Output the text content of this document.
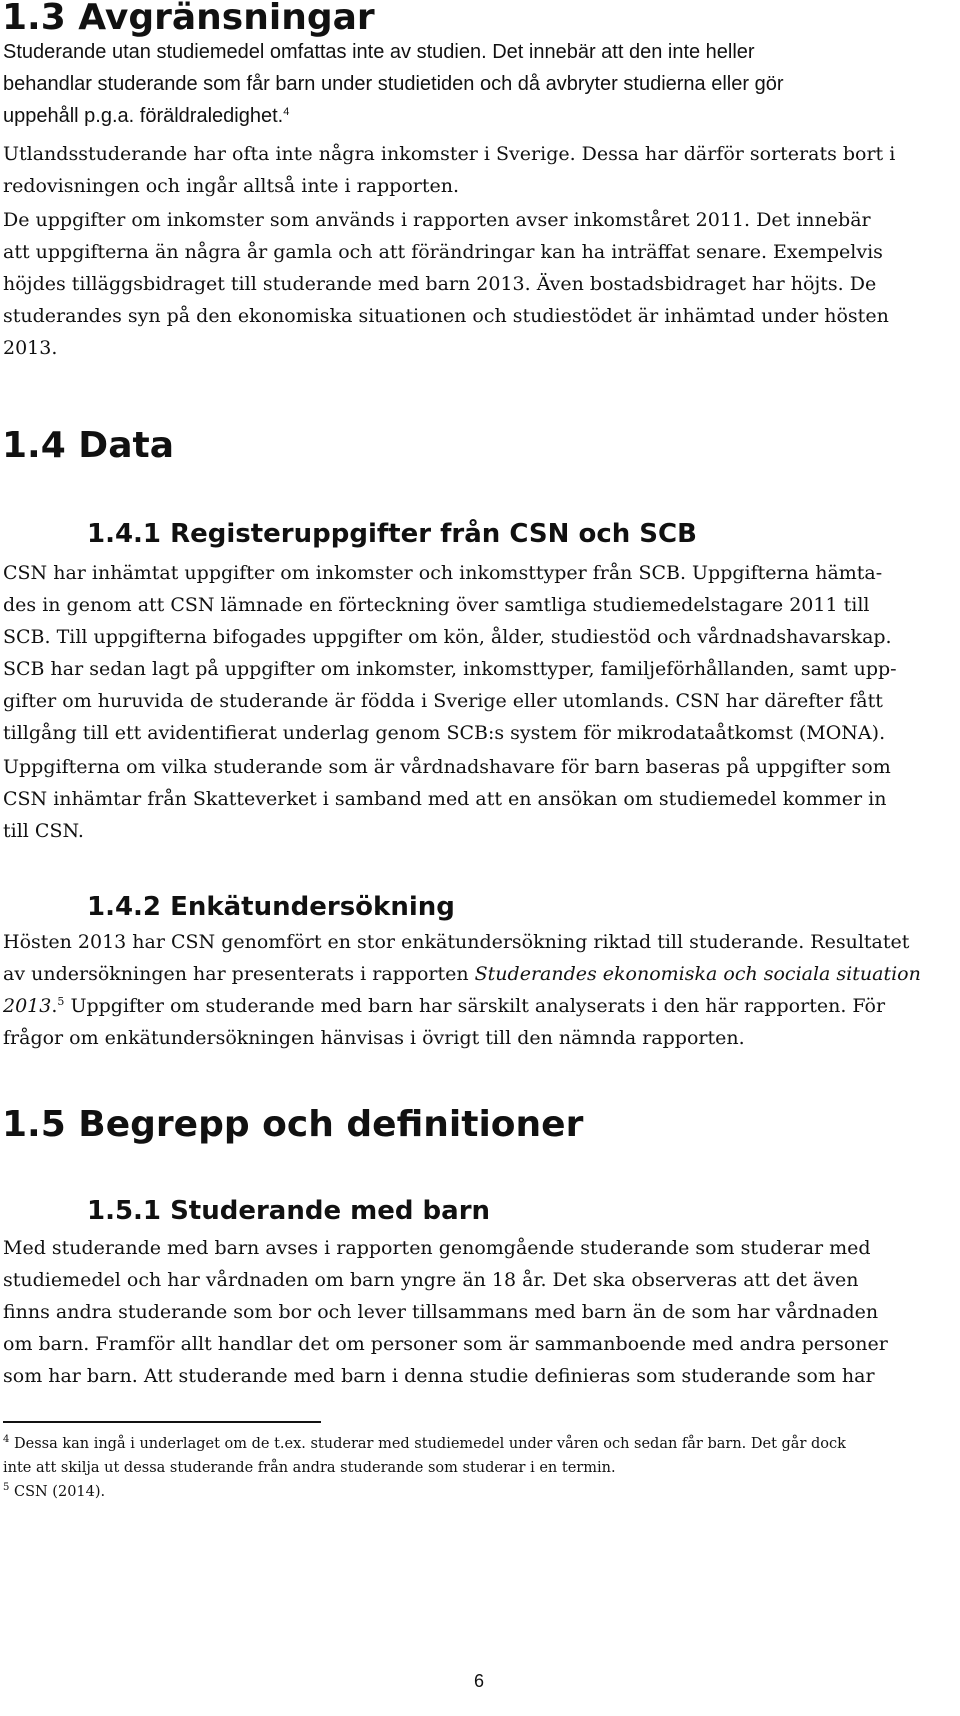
1.3 Avgränsningar

Studerande utan studiemedel omfattas inte av studien. Det innebär att den inte heller
behandlar studerande som får barn under studietiden och då avbryter studierna eller gör
uppehåll p.g.a. föräldraledighet.$^4$

Utlandsstuderande har ofta inte några inkomster i Sverige. Dessa har därför sorterats bort i
redovisningen och ingår alltså inte i rapporten.

De uppgifter om inkomster som används i rapporten avser inkomståret 2011. Det innebär
att uppgifterna än några år gamla och att förändringar kan ha inträffat senare. Exempelvis
höjdes tilläggsbidraget till studerande med barn 2013. Även bostadsbidraget har höjts. De
studerandes syn på den ekonomiska situationen och studiestödet är inhämtad under hösten
2013.

1.4 Data
1.4.1 Registeruppgifter från CSN och SCB

CSN har inhämtat uppgifter om inkomster och inkomsttyper från SCB. Uppgifterna hämta-
des in genom att CSN lämnade en förteckning över samtliga studiemedelstagare 2011 till
SCB. Till uppgifterna bifogades uppgifter om kön, ålder, studiestöd och vårdnadshavarskap.
SCB har sedan lagt på uppgifter om inkomster, inkomsttyper, familjeförhållanden, samt upp-
gifter om huruvida de studerande är födda i Sverige eller utomlands. CSN har därefter fått
tillgång till ett avidentifierat underlag genom SCB:s system för mikrodataåtkomst (MONA).

Uppgifterna om vilka studerande som är vårdnadshavare för barn baseras på uppgifter som
CSN inhämtar från Skatteverket i samband med att en ansökan om studiemedel kommer in
till CSN.

1.4.2 Enkätundersökning

Hösten 2013 har CSN genomfört en stor enkätundersökning riktad till studerande. Resultatet
av undersökningen har presenterats i rapporten Studerandes ekonomiska och sociala situation
2013.$^5$ Uppgifter om studerande med barn har särskilt analyserats i den här rapporten. För
frågor om enkätundersökningen hänvisas i övrigt till den nämnda rapporten.

1.5 Begrepp och definitioner
1.5.1 Studerande med barn

Med studerande med barn avses i rapporten genomgående studerande som studerar med
studiemedel och har vårdnaden om barn yngre än 18 år. Det ska observeras att det även
finns andra studerande som bor och lever tillsammans med barn än de som har vårdnaden
om barn. Framför allt handlar det om personer som är sammanboende med andra personer
som har barn. Att studerande med barn i denna studie definieras som studerande som har

$^4$ Dessa kan ingå i underlaget om de t.ex. studerar med studiemedel under våren och sedan får barn. Det går dock
inte att skilja ut dessa studerande från andra studerande som studerar i en termin.
$^5$ CSN (2014).
6
